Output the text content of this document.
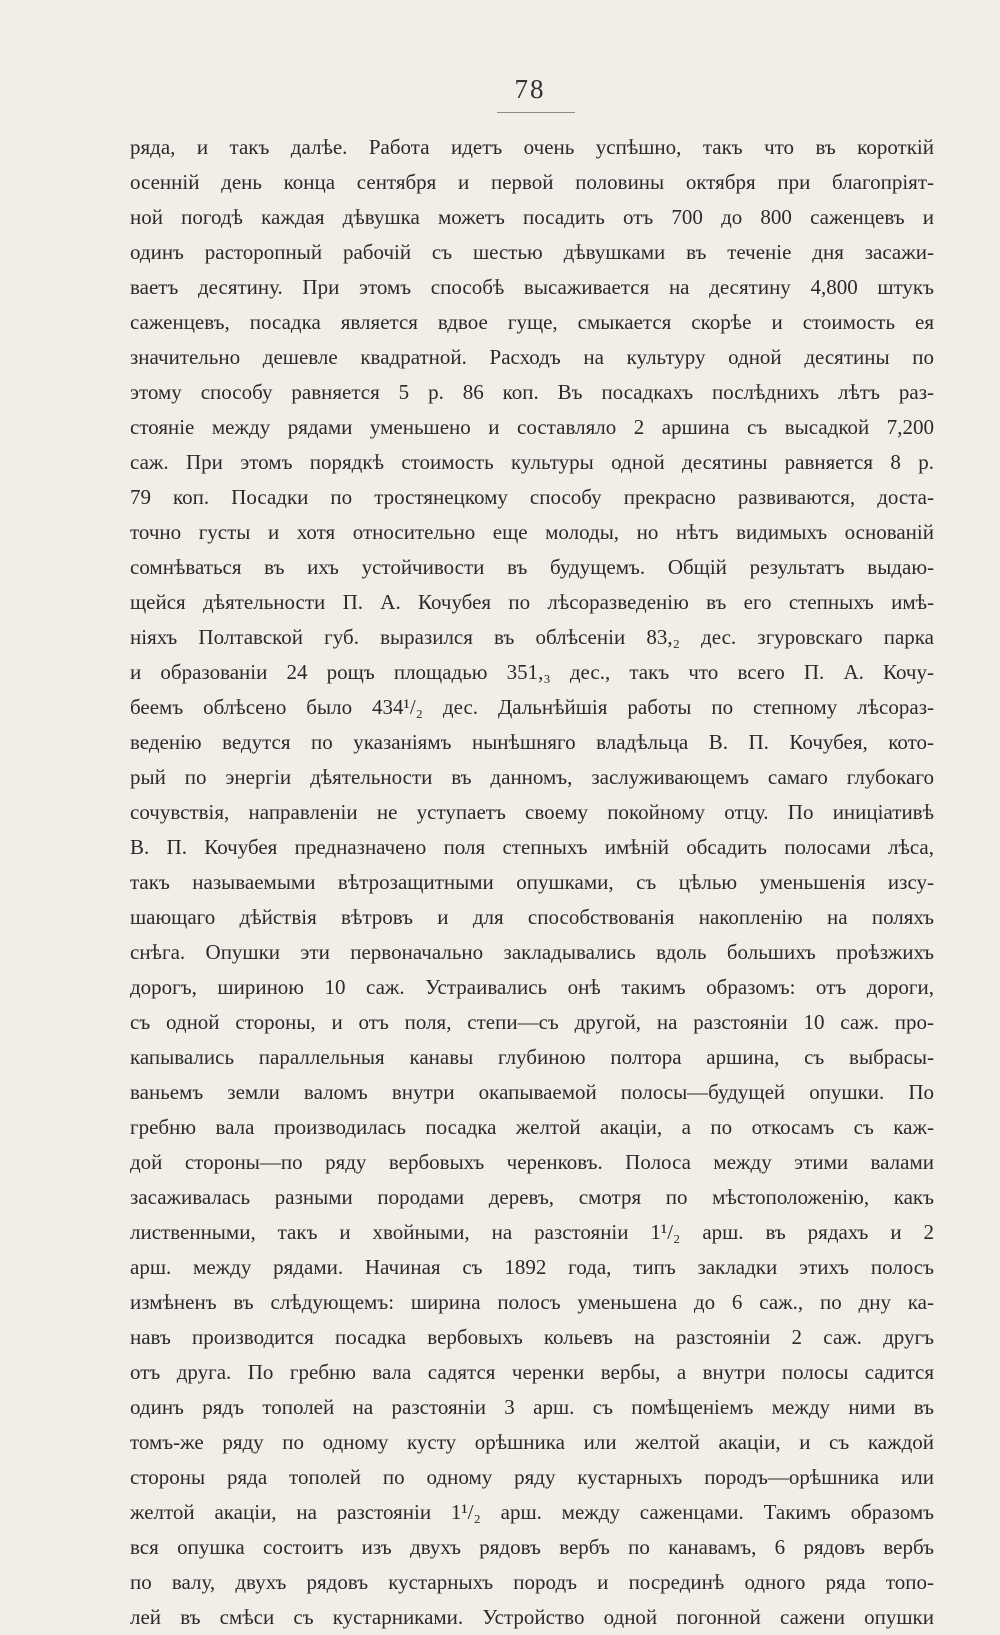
78
ряда, и такъ далѣе. Работа идетъ очень успѣшно, такъ что въ короткій
осенній день конца сентября и первой половины октября при благопріят-
ной погодѣ каждая дѣвушка можетъ посадить отъ 700 до 800 саженцевъ и
одинъ расторопный рабочій съ шестью дѣвушками въ теченіе дня засажи-
ваетъ десятину. При этомъ способѣ высаживается на десятину 4,800 штукъ
саженцевъ, посадка является вдвое гуще, смыкается скорѣе и стоимость ея
значительно дешевле квадратной. Расходъ на культуру одной десятины по
этому способу равняется 5 р. 86 коп. Въ посадкахъ послѣднихъ лѣтъ раз-
стояніе между рядами уменьшено и составляло 2 аршина съ высадкой 7,200
саж. При этомъ порядкѣ стоимость культуры одной десятины равняется 8 р.
79 коп. Посадки по тростянецкому способу прекрасно развиваются, доста-
точно густы и хотя относительно еще молоды, но нѣтъ видимыхъ основаній
сомнѣваться въ ихъ устойчивости въ будущемъ. Общій результатъ выдаю-
щейся дѣятельности П. А. Кочубея по лѣсоразведенію въ его степныхъ имѣ-
ніяхъ Полтавской губ. выразился въ облѣсеніи 83,₂ дес. згуровскаго парка
и образованіи 24 рощъ площадью 351,₃ дес., такъ что всего П. А. Кочу-
беемъ облѣсено было 434¹/₂ дес. Дальнѣйшія работы по степному лѣсораз-
веденію ведутся по указаніямъ нынѣшняго владѣльца В. П. Кочубея, кото-
рый по энергіи дѣятельности въ данномъ, заслуживающемъ самаго глубокаго
сочувствія, направленіи не уступаетъ своему покойному отцу. По иниціативѣ
В. П. Кочубея предназначено поля степныхъ имѣній обсадить полосами лѣса,
такъ называемыми вѣтрозащитными опушками, съ цѣлью уменьшенія изсу-
шающаго дѣйствія вѣтровъ и для способствованія накопленію на поляхъ
снѣга. Опушки эти первоначально закладывались вдоль большихъ проѣзжихъ
дорогъ, шириною 10 саж. Устраивались онѣ такимъ образомъ: отъ дороги,
съ одной стороны, и отъ поля, степи—съ другой, на разстояніи 10 саж. про-
капывались параллельныя канавы глубиною полтора аршина, съ выбрасы-
ваньемъ земли валомъ внутри окапываемой полосы—будущей опушки. По
гребню вала производилась посадка желтой акаціи, а по откосамъ съ каж-
дой стороны—по ряду вербовыхъ черенковъ. Полоса между этими валами
засаживалась разными породами деревъ, смотря по мѣстоположенію, какъ
лиственными, такъ и хвойными, на разстояніи 1¹/₂ арш. въ рядахъ и 2
арш. между рядами. Начиная съ 1892 года, типъ закладки этихъ полосъ
измѣненъ въ слѣдующемъ: ширина полосъ уменьшена до 6 саж., по дну ка-
навъ производится посадка вербовыхъ кольевъ на разстояніи 2 саж. другъ
отъ друга. По гребню вала садятся черенки вербы, а внутри полосы садится
одинъ рядъ тополей на разстояніи 3 арш. съ помѣщеніемъ между ними въ
томъ-же ряду по одному кусту орѣшника или желтой акаціи, и съ каждой
стороны ряда тополей по одному ряду кустарныхъ породъ—орѣшника или
желтой акаціи, на разстояніи 1¹/₂ арш. между саженцами. Такимъ образомъ
вся опушка состоитъ изъ двухъ рядовъ вербъ по канавамъ, 6 рядовъ вербъ
по валу, двухъ рядовъ кустарныхъ породъ и посрединѣ одного ряда топо-
лей въ смѣси съ кустарниками. Устройство одной погонной сажени опушки
